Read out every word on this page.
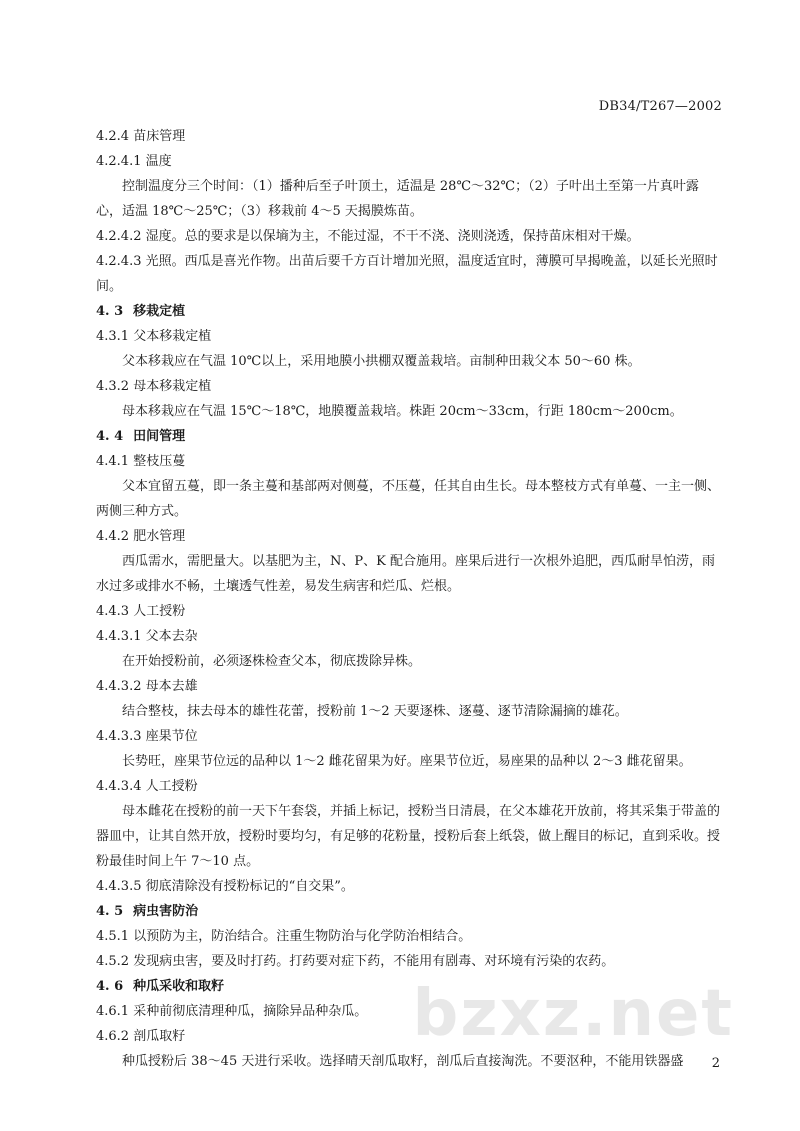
DB34/T267—2002
4.2.4 苗床管理
4.2.4.1 温度
控制温度分三个时间：（1）播种后至子叶顶土，适温是 28℃～32℃；（2）子叶出土至第一片真叶露心，适温 18℃～25℃；（3）移栽前 4～5 天揭膜炼苗。
4.2.4.2 湿度。总的要求是以保墒为主，不能过湿，不干不浇、浇则浇透，保持苗床相对干燥。
4.2.4.3 光照。西瓜是喜光作物。出苗后要千方百计增加光照，温度适宜时，薄膜可早揭晚盖，以延长光照时间。
4. 3 移栽定植
4.3.1 父本移栽定植
父本移栽应在气温 10℃以上，采用地膜小拱棚双覆盖栽培。亩制种田栽父本 50～60 株。
4.3.2 母本移栽定植
母本移栽应在气温 15℃～18℃，地膜覆盖栽培。株距 20cm～33cm，行距 180cm～200cm。
4. 4 田间管理
4.4.1 整枝压蔓
父本宜留五蔓，即一条主蔓和基部两对侧蔓，不压蔓，任其自由生长。母本整枝方式有单蔓、一主一侧、两侧三种方式。
4.4.2 肥水管理
西瓜需水，需肥量大。以基肥为主，N、P、K 配合施用。座果后进行一次根外追肥，西瓜耐旱怕涝，雨水过多或排水不畅，土壤透气性差，易发生病害和烂瓜、烂根。
4.4.3 人工授粉
4.4.3.1 父本去杂
在开始授粉前，必须逐株检查父本，彻底拨除异株。
4.4.3.2 母本去雄
结合整枝，抹去母本的雄性花蕾，授粉前 1～2 天要逐株、逐蔓、逐节清除漏摘的雄花。
4.4.3.3 座果节位
长势旺，座果节位远的品种以 1～2 雌花留果为好。座果节位近，易座果的品种以 2～3 雌花留果。
4.4.3.4 人工授粉
母本雌花在授粉的前一天下午套袋，并插上标记，授粉当日清晨，在父本雄花开放前，将其采集于带盖的器皿中，让其自然开放，授粉时要均匀，有足够的花粉量，授粉后套上纸袋，做上醒目的标记，直到采收。授粉最佳时间上午 7～10 点。
4.4.3.5 彻底清除没有授粉标记的“自交果”。
4. 5 病虫害防治
4.5.1 以预防为主，防治结合。注重生物防治与化学防治相结合。
4.5.2 发现病虫害，要及时打药。打药要对症下药，不能用有剧毒、对环境有污染的农药。
4. 6 种瓜采收和取籽
4.6.1 采种前彻底清理种瓜，摘除异品种杂瓜。
4.6.2 剖瓜取籽
种瓜授粉后 38～45 天进行采收。选择晴天剖瓜取籽，剖瓜后直接淘洗。不要沤种，不能用铁器盛
bzxz.net
2
